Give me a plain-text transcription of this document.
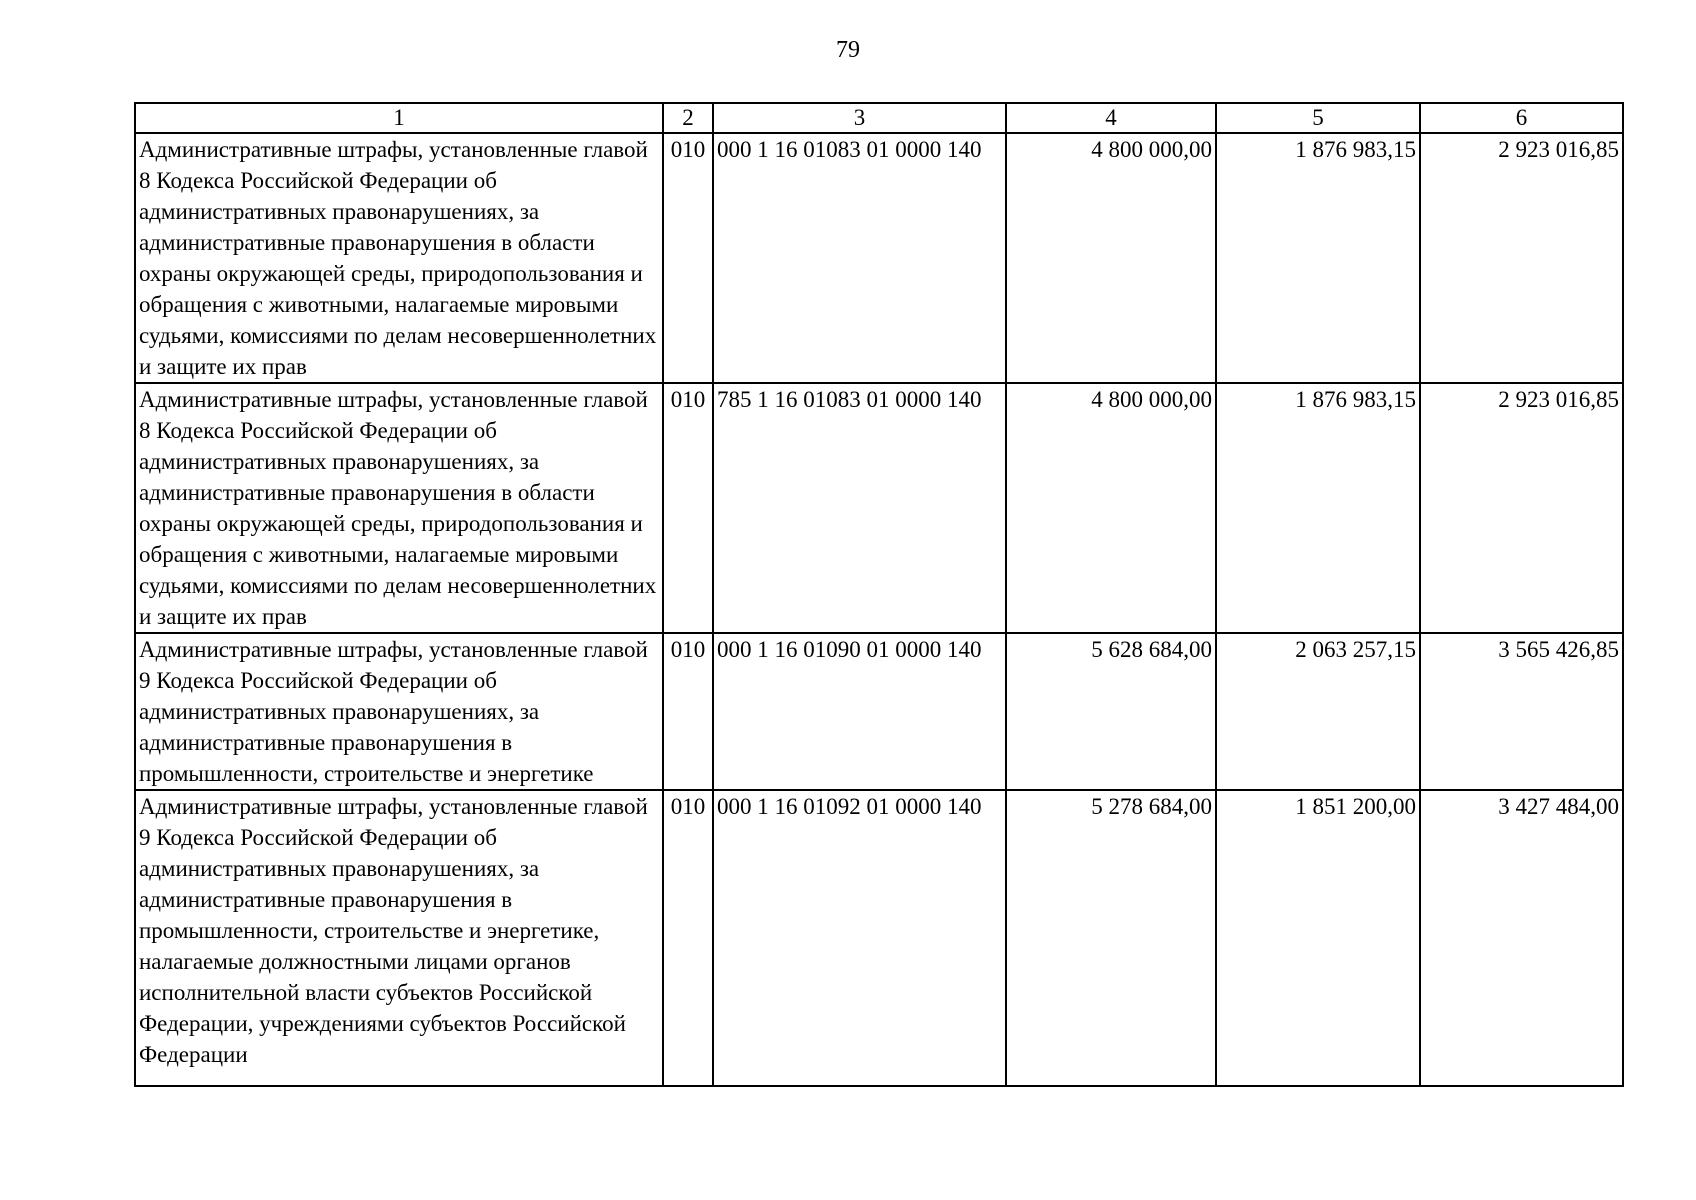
79
1	2	3	4	5	6
Административные штрафы, установленные главой 8 Кодекса Российской Федерации об административных правонарушениях, за административные правонарушения в области охраны окружающей среды, природопользования и обращения с животными, налагаемые мировыми судьями, комиссиями по делам несовершеннолетних и защите их прав	010	000 1 16 01083 01 0000 140	4 800 000,00	1 876 983,15	2 923 016,85
Административные штрафы, установленные главой 8 Кодекса Российской Федерации об административных правонарушениях, за административные правонарушения в области охраны окружающей среды, природопользования и обращения с животными, налагаемые мировыми судьями, комиссиями по делам несовершеннолетних и защите их прав	010	785 1 16 01083 01 0000 140	4 800 000,00	1 876 983,15	2 923 016,85
Административные штрафы, установленные главой 9 Кодекса Российской Федерации об административных правонарушениях, за административные правонарушения в промышленности, строительстве и энергетике	010	000 1 16 01090 01 0000 140	5 628 684,00	2 063 257,15	3 565 426,85
Административные штрафы, установленные главой 9 Кодекса Российской Федерации об административных правонарушениях, за административные правонарушения в промышленности, строительстве и энергетике, налагаемые должностными лицами органов исполнительной власти субъектов Российской Федерации, учреждениями субъектов Российской Федерации	010	000 1 16 01092 01 0000 140	5 278 684,00	1 851 200,00	3 427 484,00
